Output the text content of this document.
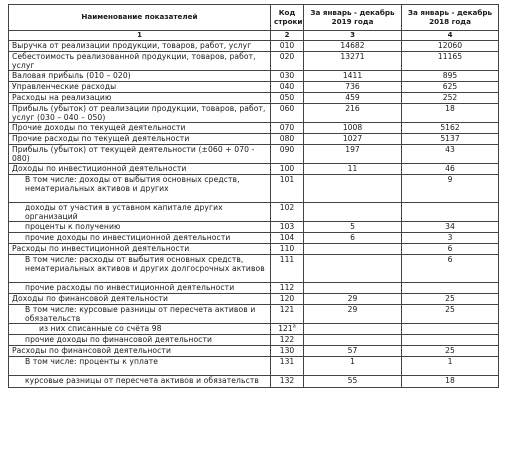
Наименование показателей	Код строки	За январь - декабрь 2019 года	За январь - декабрь 2018 года
1	2	3	4
Выручка от реализации продукции, товаров, работ, услуг	010	14682	12060
Себестоимость реализованной продукции, товаров, работ, услуг	020	13271	11165
Валовая прибыль (010 – 020)	030	1411	895
Управленческие расходы	040	736	625
Расходы на реализацию	050	459	252
Прибыль (убыток) от реализации продукции, товаров, работ, услуг (030 – 040 – 050)	060	216	18
Прочие доходы по текущей деятельности	070	1008	5162
Прочие расходы по текущей деятельности	080	1027	5137
Прибыль (убыток) от текущей деятельности (±060 + 070 - 080)	090	197	43
Доходы по инвестиционной деятельности	100	11	46
В том числе: доходы от выбытия основных средств, нематериальных активов и других	101		9
доходы от участия в уставном капитале других организаций	102		
проценты к получению	103	5	34
прочие доходы по инвестиционной деятельности	104	6	3
Расходы по инвестиционной деятельности	110		6
В том числе: расходы от выбытия основных средств, нематериальных активов и других долгосрочных активов	111		6
прочие расходы по инвестиционной деятельности	112		
Доходы по финансовой деятельности	120	29	25
В том числе: курсовые разницы от пересчета активов и обязательств	121	29	25
из них списанные со счёта 98	$121^а$		
прочие доходы по финансовой деятельности	122		
Расходы по финансовой деятельности	130	57	25
В том числе: проценты к уплате	131	1	1
курсовые разницы от пересчета активов и обязательств	132	55	18
